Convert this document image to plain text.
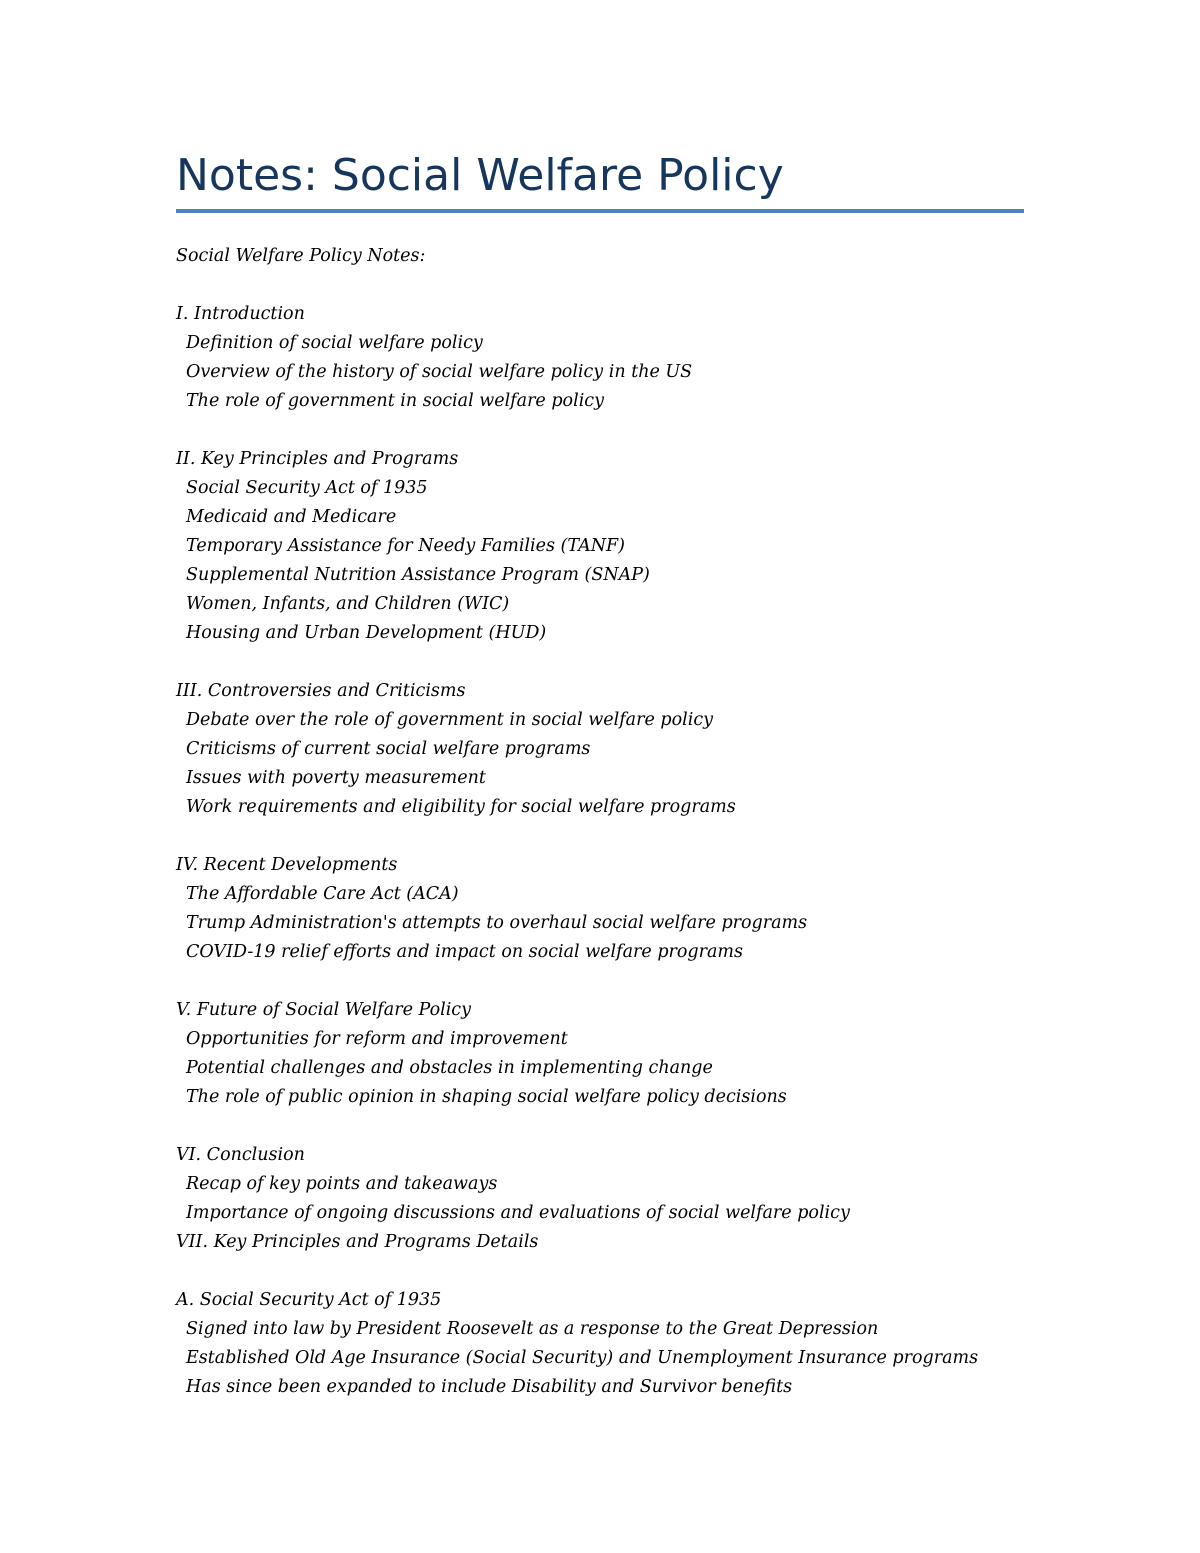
Notes: Social Welfare Policy
Social Welfare Policy Notes:
I. Introduction
Definition of social welfare policy
Overview of the history of social welfare policy in the US
The role of government in social welfare policy
II. Key Principles and Programs
Social Security Act of 1935
Medicaid and Medicare
Temporary Assistance for Needy Families (TANF)
Supplemental Nutrition Assistance Program (SNAP)
Women, Infants, and Children (WIC)
Housing and Urban Development (HUD)
III. Controversies and Criticisms
Debate over the role of government in social welfare policy
Criticisms of current social welfare programs
Issues with poverty measurement
Work requirements and eligibility for social welfare programs
IV. Recent Developments
The Affordable Care Act (ACA)
Trump Administration's attempts to overhaul social welfare programs
COVID-19 relief efforts and impact on social welfare programs
V. Future of Social Welfare Policy
Opportunities for reform and improvement
Potential challenges and obstacles in implementing change
The role of public opinion in shaping social welfare policy decisions
VI. Conclusion
Recap of key points and takeaways
Importance of ongoing discussions and evaluations of social welfare policy
VII. Key Principles and Programs Details
A. Social Security Act of 1935
Signed into law by President Roosevelt as a response to the Great Depression
Established Old Age Insurance (Social Security) and Unemployment Insurance programs
Has since been expanded to include Disability and Survivor benefits
